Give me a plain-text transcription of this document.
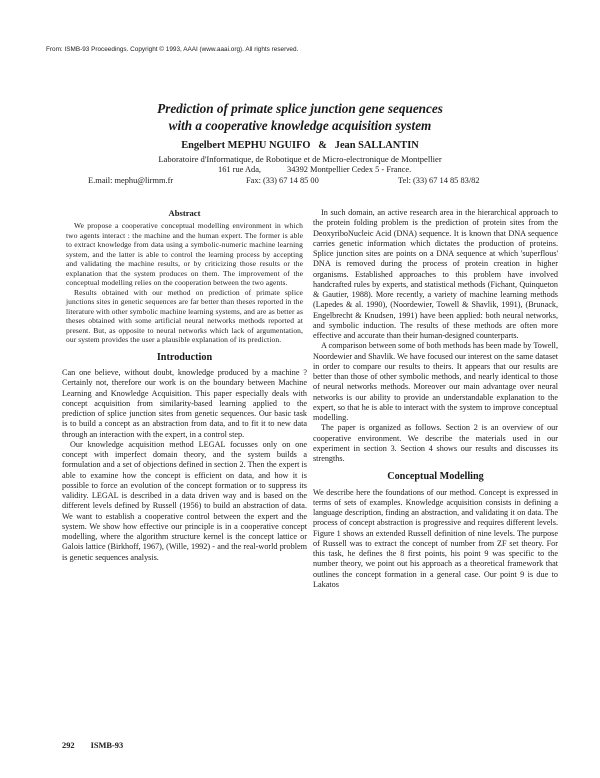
From: ISMB-93 Proceedings. Copyright © 1993, AAAI (www.aaai.org). All rights reserved.
Prediction of primate splice junction gene sequences
with a cooperative knowledge acquisition system
Engelbert MEPHU NGUIFO   &   Jean SALLANTIN
Laboratoire d'Informatique, de Robotique et de Micro-electronique de Montpellier
161 rue Ada,	34392 Montpellier Cedex 5 - France.
E.mail: mephu@lirmm.fr	Fax: (33) 67 14 85 00	Tel: (33) 67 14 85 83/82
Abstract

We propose a cooperative conceptual modelling environment in which two agents interact : the machine and the human expert. The former is able to extract knowledge from data using a symbolic-numeric machine learning system, and the latter is able to control the learning process by accepting and validating the machine results, or by criticizing those results or the explanation that the system produces on them. The improvement of the conceptual modelling relies on the cooperation between the two agents.

Results obtained with our method on prediction of primate splice junctions sites in genetic sequences are far better than theses reported in the literature with other symbolic machine learning systems, and are as better as theses obtained with some artificial neural networks methods reported at present. But, as opposite to neural networks which lack of argumentation, our system provides the user a plausible explanation of its prediction.

Introduction

Can one believe, without doubt, knowledge produced by a machine ? Certainly not, therefore our work is on the boundary between Machine Learning and Knowledge Acquisition. This paper especially deals with concept acquisition from similarity-based learning applied to the prediction of splice junction sites from genetic sequences. Our basic task is to build a concept as an abstraction from data, and to fit it to new data through an interaction with the expert, in a control step.

Our knowledge acquisition method LEGAL focusses only on one concept with imperfect domain theory, and the system builds a formulation and a set of objections defined in section 2. Then the expert is able to examine how the concept is efficient on data, and how it is possible to force an evolution of the concept formation or to suppress its validity. LEGAL is described in a data driven way and is based on the different levels defined by Russell (1956) to build an abstraction of data. We want to establish a cooperative control between the expert and the system. We show how effective our principle is in a cooperative concept modelling, where the algorithm structure kernel is the concept lattice or Galois lattice (Birkhoff, 1967), (Wille, 1992) - and the real-world problem is genetic sequences analysis.

In such domain, an active research area in the hierarchical approach to the protein folding problem is the prediction of protein sites from the DeoxyriboNucleic Acid (DNA) sequence. It is known that DNA sequence carries genetic information which dictates the production of proteins. Splice junction sites are points on a DNA sequence at which 'superflous' DNA is removed during the process of protein creation in higher organisms. Established approaches to this problem have involved handcrafted rules by experts, and statistical methods (Fichant, Quinqueton & Gautier, 1988). More recently, a variety of machine learning methods (Lapedes & al. 1990), (Noordewier, Towell & Shavlik, 1991), (Brunack, Engelbrecht & Knudsen, 1991) have been applied: both neural networks, and symbolic induction. The results of these methods are often more effective and accurate than their human-designed counterparts.

A comparison between some of both methods has been made by Towell, Noordewier and Shavlik. We have focused our interest on the same dataset in order to compare our results to theirs. It appears that our results are better than those of other symbolic methods, and nearly identical to those of neural networks methods. Moreover our main advantage over neural networks is our ability to provide an understandable explanation to the expert, so that he is able to interact with the system to improve conceptual modelling.

The paper is organized as follows. Section 2 is an overview of our cooperative environment. We describe the materials used in our experiment in section 3. Section 4 shows our results and discusses its strengths.

Conceptual Modelling

We describe here the foundations of our method. Concept is expressed in terms of sets of examples. Knowledge acquisition consists in defining a language description, finding an abstraction, and validating it on data. The process of concept abstraction is progressive and requires different levels. Figure 1 shows an extended Russell definition of nine levels. The purpose of Russell was to extract the concept of number from ZF set theory. For this task, he defines the 8 first points, his point 9 was specific to the number theory, we point out his approach as a theoretical framework that outlines the concept formation in a general case. Our point 9 is due to Lakatos

292 ISMB-93
